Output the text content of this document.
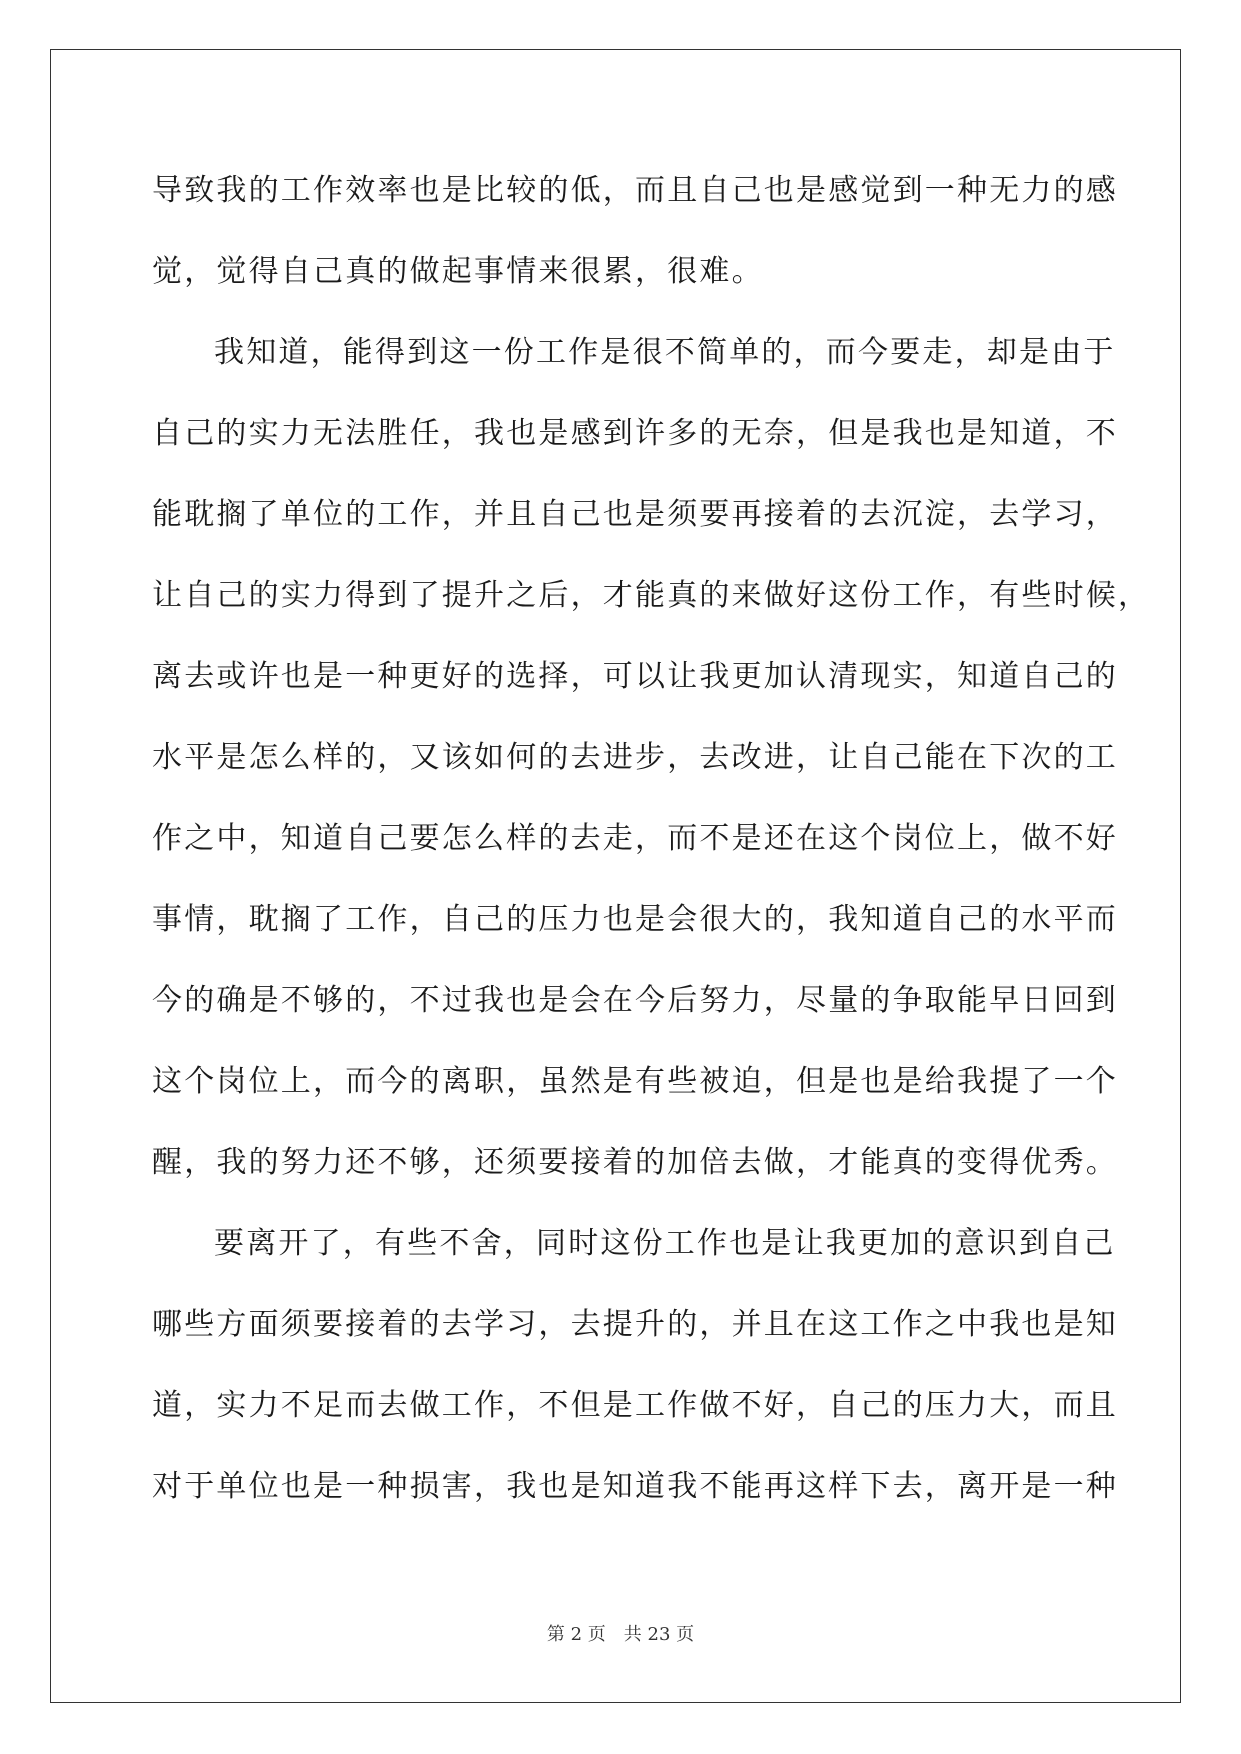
导致我的工作效率也是比较的低，而且自己也是感觉到一种无力的感
觉，觉得自己真的做起事情来很累，很难。
我知道，能得到这一份工作是很不简单的，而今要走，却是由于
自己的实力无法胜任，我也是感到许多的无奈，但是我也是知道，不
能耽搁了单位的工作，并且自己也是须要再接着的去沉淀，去学习，
让自己的实力得到了提升之后，才能真的来做好这份工作，有些时候，
离去或许也是一种更好的选择，可以让我更加认清现实，知道自己的
水平是怎么样的，又该如何的去进步，去改进，让自己能在下次的工
作之中，知道自己要怎么样的去走，而不是还在这个岗位上，做不好
事情，耽搁了工作，自己的压力也是会很大的，我知道自己的水平而
今的确是不够的，不过我也是会在今后努力，尽量的争取能早日回到
这个岗位上，而今的离职，虽然是有些被迫，但是也是给我提了一个
醒，我的努力还不够，还须要接着的加倍去做，才能真的变得优秀。
要离开了，有些不舍，同时这份工作也是让我更加的意识到自己
哪些方面须要接着的去学习，去提升的，并且在这工作之中我也是知
道，实力不足而去做工作，不但是工作做不好，自己的压力大，而且
对于单位也是一种损害，我也是知道我不能再这样下去，离开是一种
第 2 页　共 23 页
